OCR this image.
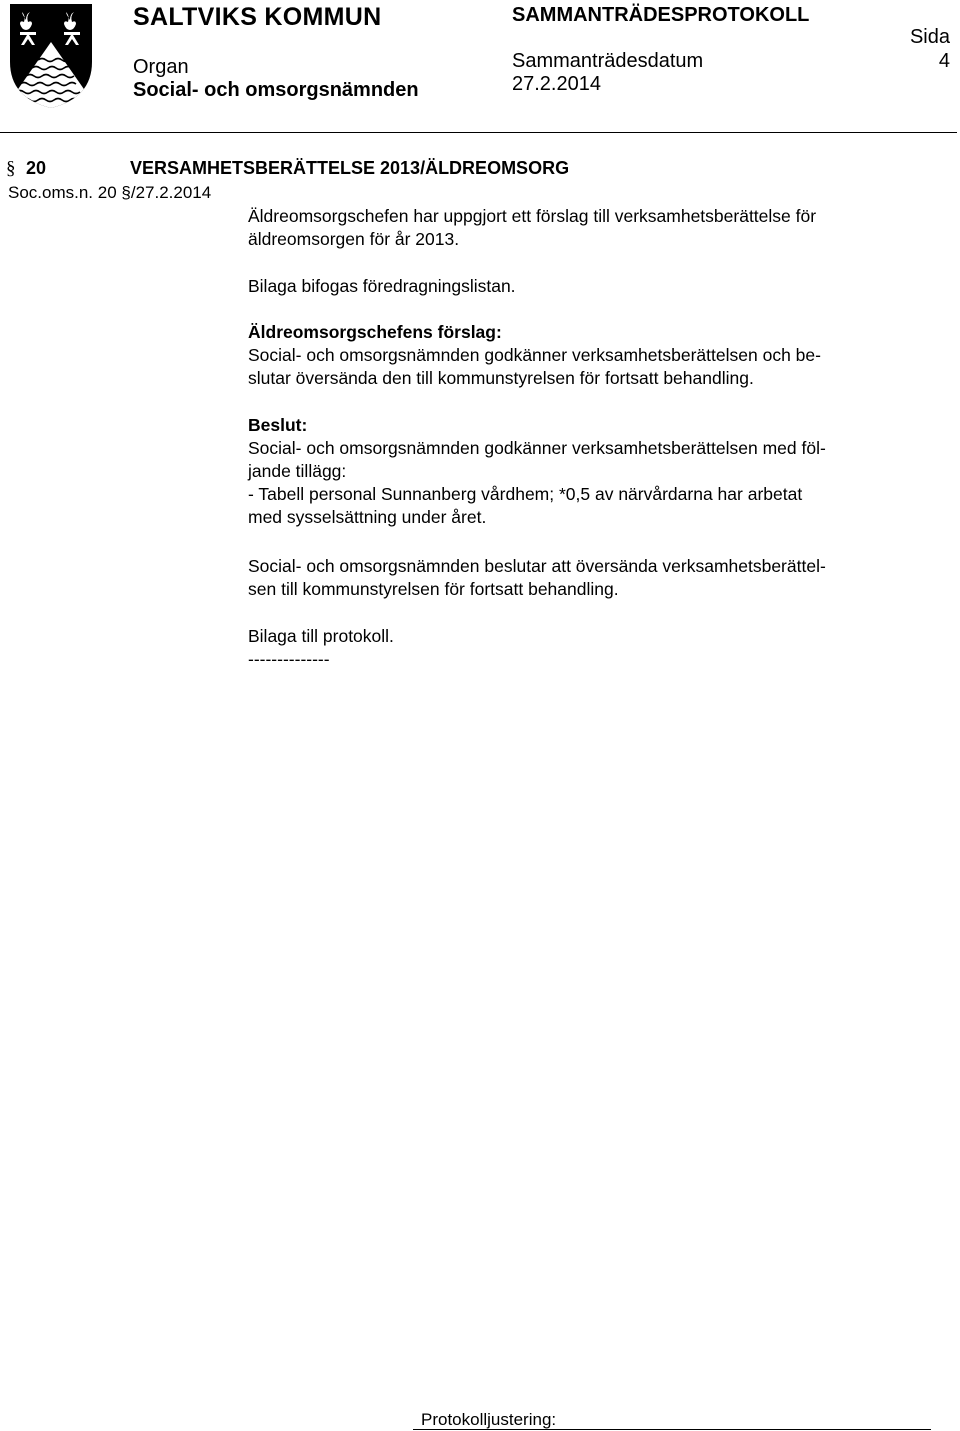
SALTVIKS KOMMUN	SAMMANTRÄDESPROTOKOLL
Sida
Organ
Social- och omsorgsnämnden
Sammanträdesdatum
27.2.2014
4
§ 20	VERSAMHETSBERÄTTELSE 2013/ÄLDREOMSORG
Soc.oms.n. 20 §/27.2.2014

Äldreomsorgschefen har uppgjort ett förslag till verksamhetsberättelse för

äldreomsorgen för år 2013.

Bilaga bifogas föredragningslistan.

Äldreomsorgschefens förslag:

Social- och omsorgsnämnden godkänner verksamhetsberättelsen och be-

slutar översända den till kommunstyrelsen för fortsatt behandling.

Beslut:

Social- och omsorgsnämnden godkänner verksamhetsberättelsen med föl-

jande tillägg:

- Tabell personal Sunnanberg vårdhem; *0,5 av närvårdarna har arbetat

med sysselsättning under året.

Social- och omsorgsnämnden beslutar att översända verksamhetsberättel-

sen till kommunstyrelsen för fortsatt behandling.

Bilaga till protokoll.

--------------

Protokolljustering:
